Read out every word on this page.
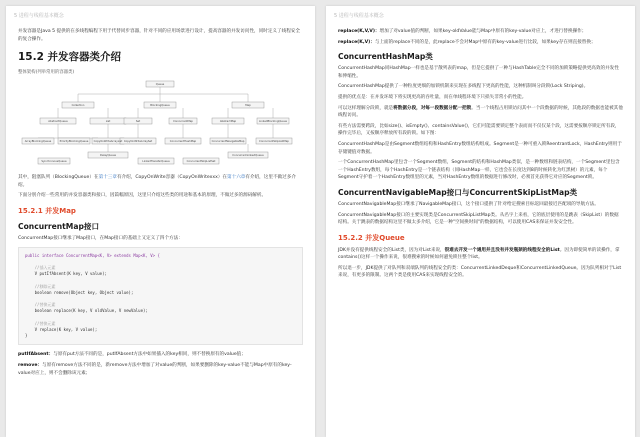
5 进程与线程基本概念
并发容器是Java 5 提供的在多线程编程下用于代替同步容器，针对不同的应用场景进行设计，提高容器的并发访问性，同时定义了线程安全的复合操作。
15.2 并发容器类介绍
整体架构(列举常用的容器类)
Queue
Collection	Map
BlockingQueue
AbstractQueue	List	Set	ConcurrentMap	AbstractMap	LinkedBlockingQueue
ArrayBlockingQueue	PriorityBlockingQueue CopyOnWriteArrayList CopyOnWriteArraySet	ConcurrentHashMap	ConcurrentNavigableMap	ConcurrentSkipListMap
ConcurrentLinkedQueue
DelayQueue
SynchronousQueue	LinkedTransferQueue	ConcurrentSkipListSet
其中，阻塞队列（BlockingQueue）在第十三章有介绍，CopyOnWrite容器（CopyOnWritexxx）在第十六章有介绍，这里不做过多介绍。
下面分别介绍一些常用的并发容器类和接口，因篇幅原因，这里只介绍这些类的用途和基本的原理，不做过多的源码解析。
15.2.1 并发Map
ConcurrentMap接口
ConcurrentMap接口继承了Map接口，在Map接口的基础上又定义了四个方法：
public interface ConcurrentMap<K, V> extends Map<K, V> {

//插入元素
V putIfAbsent(K key, V value);

//移除元素
boolean remove(Object key, Object value);

//替换元素
boolean replace(K key, V oldValue, V newValue);

//替换元素
V replace(K key, V value);
}
putIfAbsent：与原有put方法不同的是，putIfAbsent方法中如果插入的key相同，则不替换原有的value值；
remove：与原有remove方法不同的是，新remove方法中增加了对value的判断，如果要删除的key-value不能与Map中原有的key-value对应上，则不会删除该元素；
5 进程与线程基本概念
replace(K,V,V)：增加了对value值的判断，如果key-oldValue能与Map中原有的key-value对应上，才进行替换操作；
replace(K,V)：与上面的replace不同的是，此replace不会对Map中原有的key-value进行比较，如果key存在则直接替换；
ConcurrentHashMap类
ConcurrentHashMap同HashMap一样也是基于散列表的map，但是它提供了一种与HashTable完全不同的加锁策略提供更高效的并发性和伸缩性。
ConcurrentHashMap提供了一种粒度更细的加锁机制来实现在多线程下更高的性能，这种机制叫分段锁(Lock Striping)。
提供的优点是：在并发环境下将实现更高的吞吐量，而在单线程环境下只损失非常小的性能。
可以这样理解分段锁，就是将数据分段，对每一段数据分配一把锁。当一个线程占用锁访问其中一个段数据的时候，其他段的数据也能被其他线程访问。
有些方法需要跨段，比如size()、isEmpty()、containsValue()，它们可能需要锁定整个表而而不仅仅某个段，这需要按顺序锁定所有段，操作完毕后，又按顺序释放所有段的锁。如下图：
ConcurrentHashMap是由Segment数组结构和HashEntry数组结构组成。Segment是一种可重入锁ReentrantLock，HashEntry则用于存储键值对数据。
一个ConcurrentHashMap里包含一个Segment数组，Segment的结构和HashMap类似，是一种数组和链表结构，一个Segment里包含一个HashEntry数组，每个HashEntry是一个链表结构（同HashMap一样，它也会在长度达到8的时候转化为红黑树）的元素，每个Segment守护着一个HashEntry数组里的元素，当对HashEntry数组的数据进行修改时，必须首先获得它对应的Segment锁。
ConcurrentNavigableMap接口与ConcurrentSkipListMap类
ConcurrentNavigableMap接口继承了NavigableMap接口，这个接口提供了针对给定搜索目标返回最接近匹配项的导航方法。
ConcurrentNavigableMap接口的主要实现类是ConcurrentSkipListMap类。从名字上来看，它的底层使用的是跳表（SkipList）的数据结构。关于跳表的数据结构这里不做太多介绍，它是一种"空间换时间"的数据结构，可以使用CAS来保证并发安全性。
15.2.2 并发Queue
JDK并没有提供线程安全的List类，因为对List来说，很难去开发一个通用并且没有并发瓶颈的线程安全的List。因为即使简单的读操作，拿contains()这样一个操作来说，很难搜索的时候如何避免锁住整个list。
所以退一步，JDK提供了对队列和双端队列的线程安全的类：ConcurrentLinkedDeque和ConcurrentLinkedQueue。因为队列相对于List来说，有更多的限制。这两个类是使用CAS来实现线程安全的。
